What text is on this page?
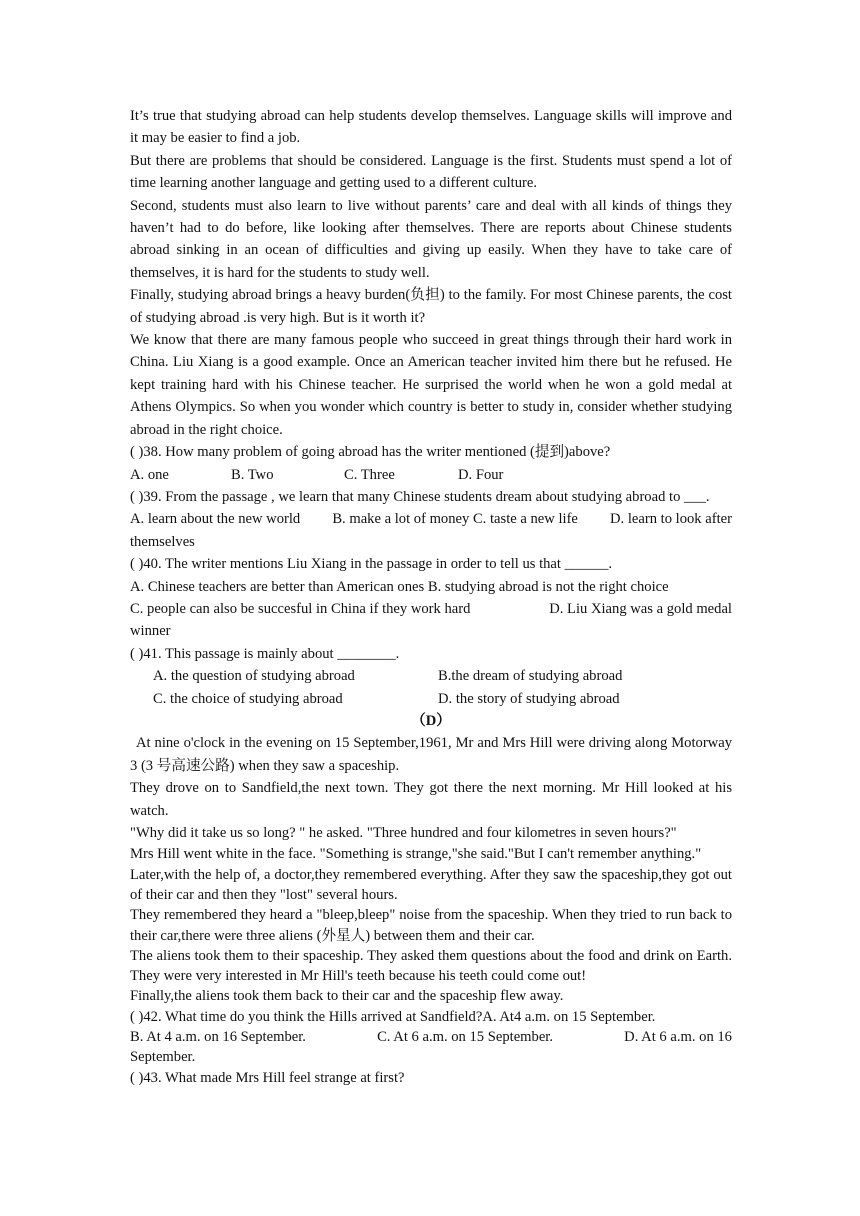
It’s true that studying abroad can help students develop themselves. Language skills will improve and it may be easier to find a job.

But there are problems that should be considered. Language is the first. Students must spend a lot of time learning another language and getting used to a different culture.

Second, students must also learn to live without parents’ care and deal with all kinds of things they haven’t had to do before, like looking after themselves. There are reports about Chinese students abroad sinking in an ocean of difficulties and giving up easily. When they have to take care of themselves, it is hard for the students to study well.

Finally, studying abroad brings a heavy burden(负担) to the family. For most Chinese parents, the cost of studying abroad .is very high. But is it worth it?

We know that there are many famous people who succeed in great things through their hard work in China. Liu Xiang is a good example. Once an American teacher invited him there but he refused. He kept training hard with his Chinese teacher. He surprised the world when he won a gold medal at Athens Olympics. So when you wonder which country is better to study in, consider whether studying abroad in the right choice.

( )38. How many problem of going abroad has the writer mentioned (提到)above?

A. one	B. Two	C. Three	D. Four

( )39. From the passage , we learn that many Chinese students dream about studying abroad to ___.

A. learn about the new world B. make a lot of money C. taste a new life D. learn to look after

themselves

( )40. The writer mentions Liu Xiang in the passage in order to tell us that ______.

A. Chinese teachers are better than American ones B. studying abroad is not the right choice

C. people can also be succesful in China if they work hard	D. Liu Xiang was a gold medal

winner

( )41. This passage is mainly about ________.

A. the question of studying abroad	B.the dream of studying abroad
C. the choice of studying abroad	D. the story of studying abroad

（D）

At nine o'clock in the evening on 15 September,1961, Mr and Mrs Hill were driving along Motorway 3 (3 号高速公路) when they saw a spaceship.

They drove on to Sandfield,the next town. They got there the next morning. Mr Hill looked at his watch.

"Why did it take us so long? " he asked. "Three hundred and four kilometres in seven hours?"

Mrs Hill went white in the face. "Something is strange,"she said."But I can't remember anything."

Later,with the help of, a doctor,they remembered everything. After they saw the spaceship,they got out of their car and then they "lost" several hours.

They remembered they heard a "bleep,bleep" noise from the spaceship. When they tried to run back to their car,there were three aliens (外星人) between them and their car.

The aliens took them to their spaceship. They asked them questions about the food and drink on Earth. They were very interested in Mr Hill's teeth because his teeth could come out!

Finally,the aliens took them back to their car and the spaceship flew away.

( )42. What time do you think the Hills arrived at Sandfield?A. At4 a.m. on 15 September.

B. At 4 a.m. on 16 September.	C. At 6 a.m. on 15 September.	D. At 6 a.m. on 16

September.

( )43. What made Mrs Hill feel strange at first?
